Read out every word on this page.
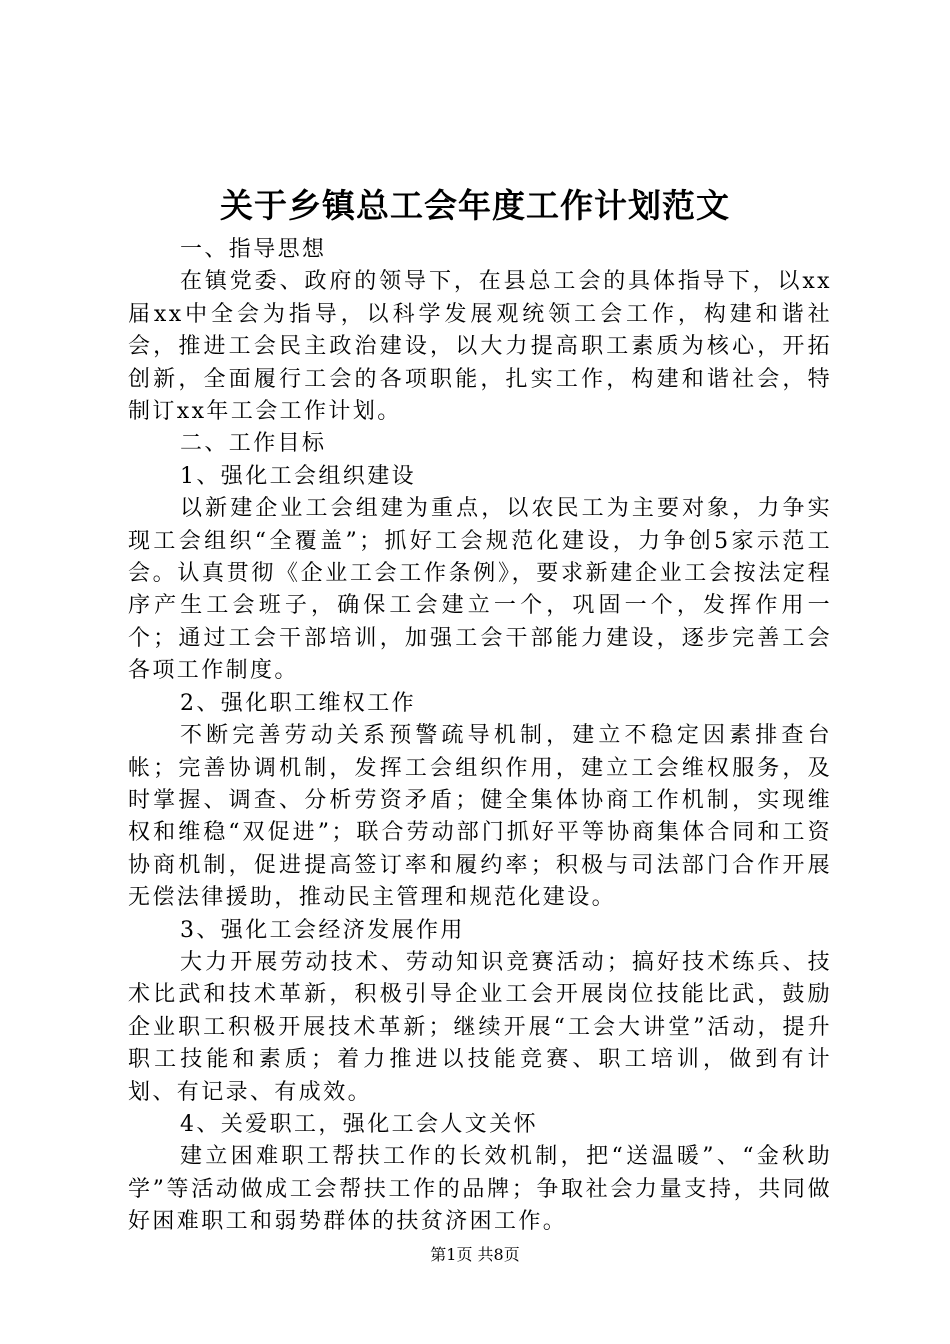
关于乡镇总工会年度工作计划范文

一、指导思想

在镇党委、政府的领导下，在县总工会的具体指导下，以xx届xx中全会为指导，以科学发展观统领工会工作，构建和谐社会，推进工会民主政治建设，以大力提高职工素质为核心，开拓创新，全面履行工会的各项职能，扎实工作，构建和谐社会，特制订xx年工会工作计划。

二、工作目标

1、强化工会组织建设

以新建企业工会组建为重点，以农民工为主要对象，力争实现工会组织“全覆盖”；抓好工会规范化建设，力争创5家示范工会。认真贯彻《企业工会工作条例》，要求新建企业工会按法定程序产生工会班子，确保工会建立一个，巩固一个，发挥作用一个；通过工会干部培训，加强工会干部能力建设，逐步完善工会各项工作制度。

2、强化职工维权工作

不断完善劳动关系预警疏导机制，建立不稳定因素排查台帐；完善协调机制，发挥工会组织作用，建立工会维权服务，及时掌握、调查、分析劳资矛盾；健全集体协商工作机制，实现维权和维稳“双促进”；联合劳动部门抓好平等协商集体合同和工资协商机制，促进提高签订率和履约率；积极与司法部门合作开展无偿法律援助，推动民主管理和规范化建设。

3、强化工会经济发展作用

大力开展劳动技术、劳动知识竞赛活动；搞好技术练兵、技术比武和技术革新，积极引导企业工会开展岗位技能比武，鼓励企业职工积极开展技术革新；继续开展“工会大讲堂”活动，提升职工技能和素质；着力推进以技能竞赛、职工培训，做到有计划、有记录、有成效。

4、关爱职工，强化工会人文关怀

建立困难职工帮扶工作的长效机制，把“送温暖”、“金秋助学”等活动做成工会帮扶工作的品牌；争取社会力量支持，共同做好困难职工和弱势群体的扶贫济困工作。

第1页 共8页
